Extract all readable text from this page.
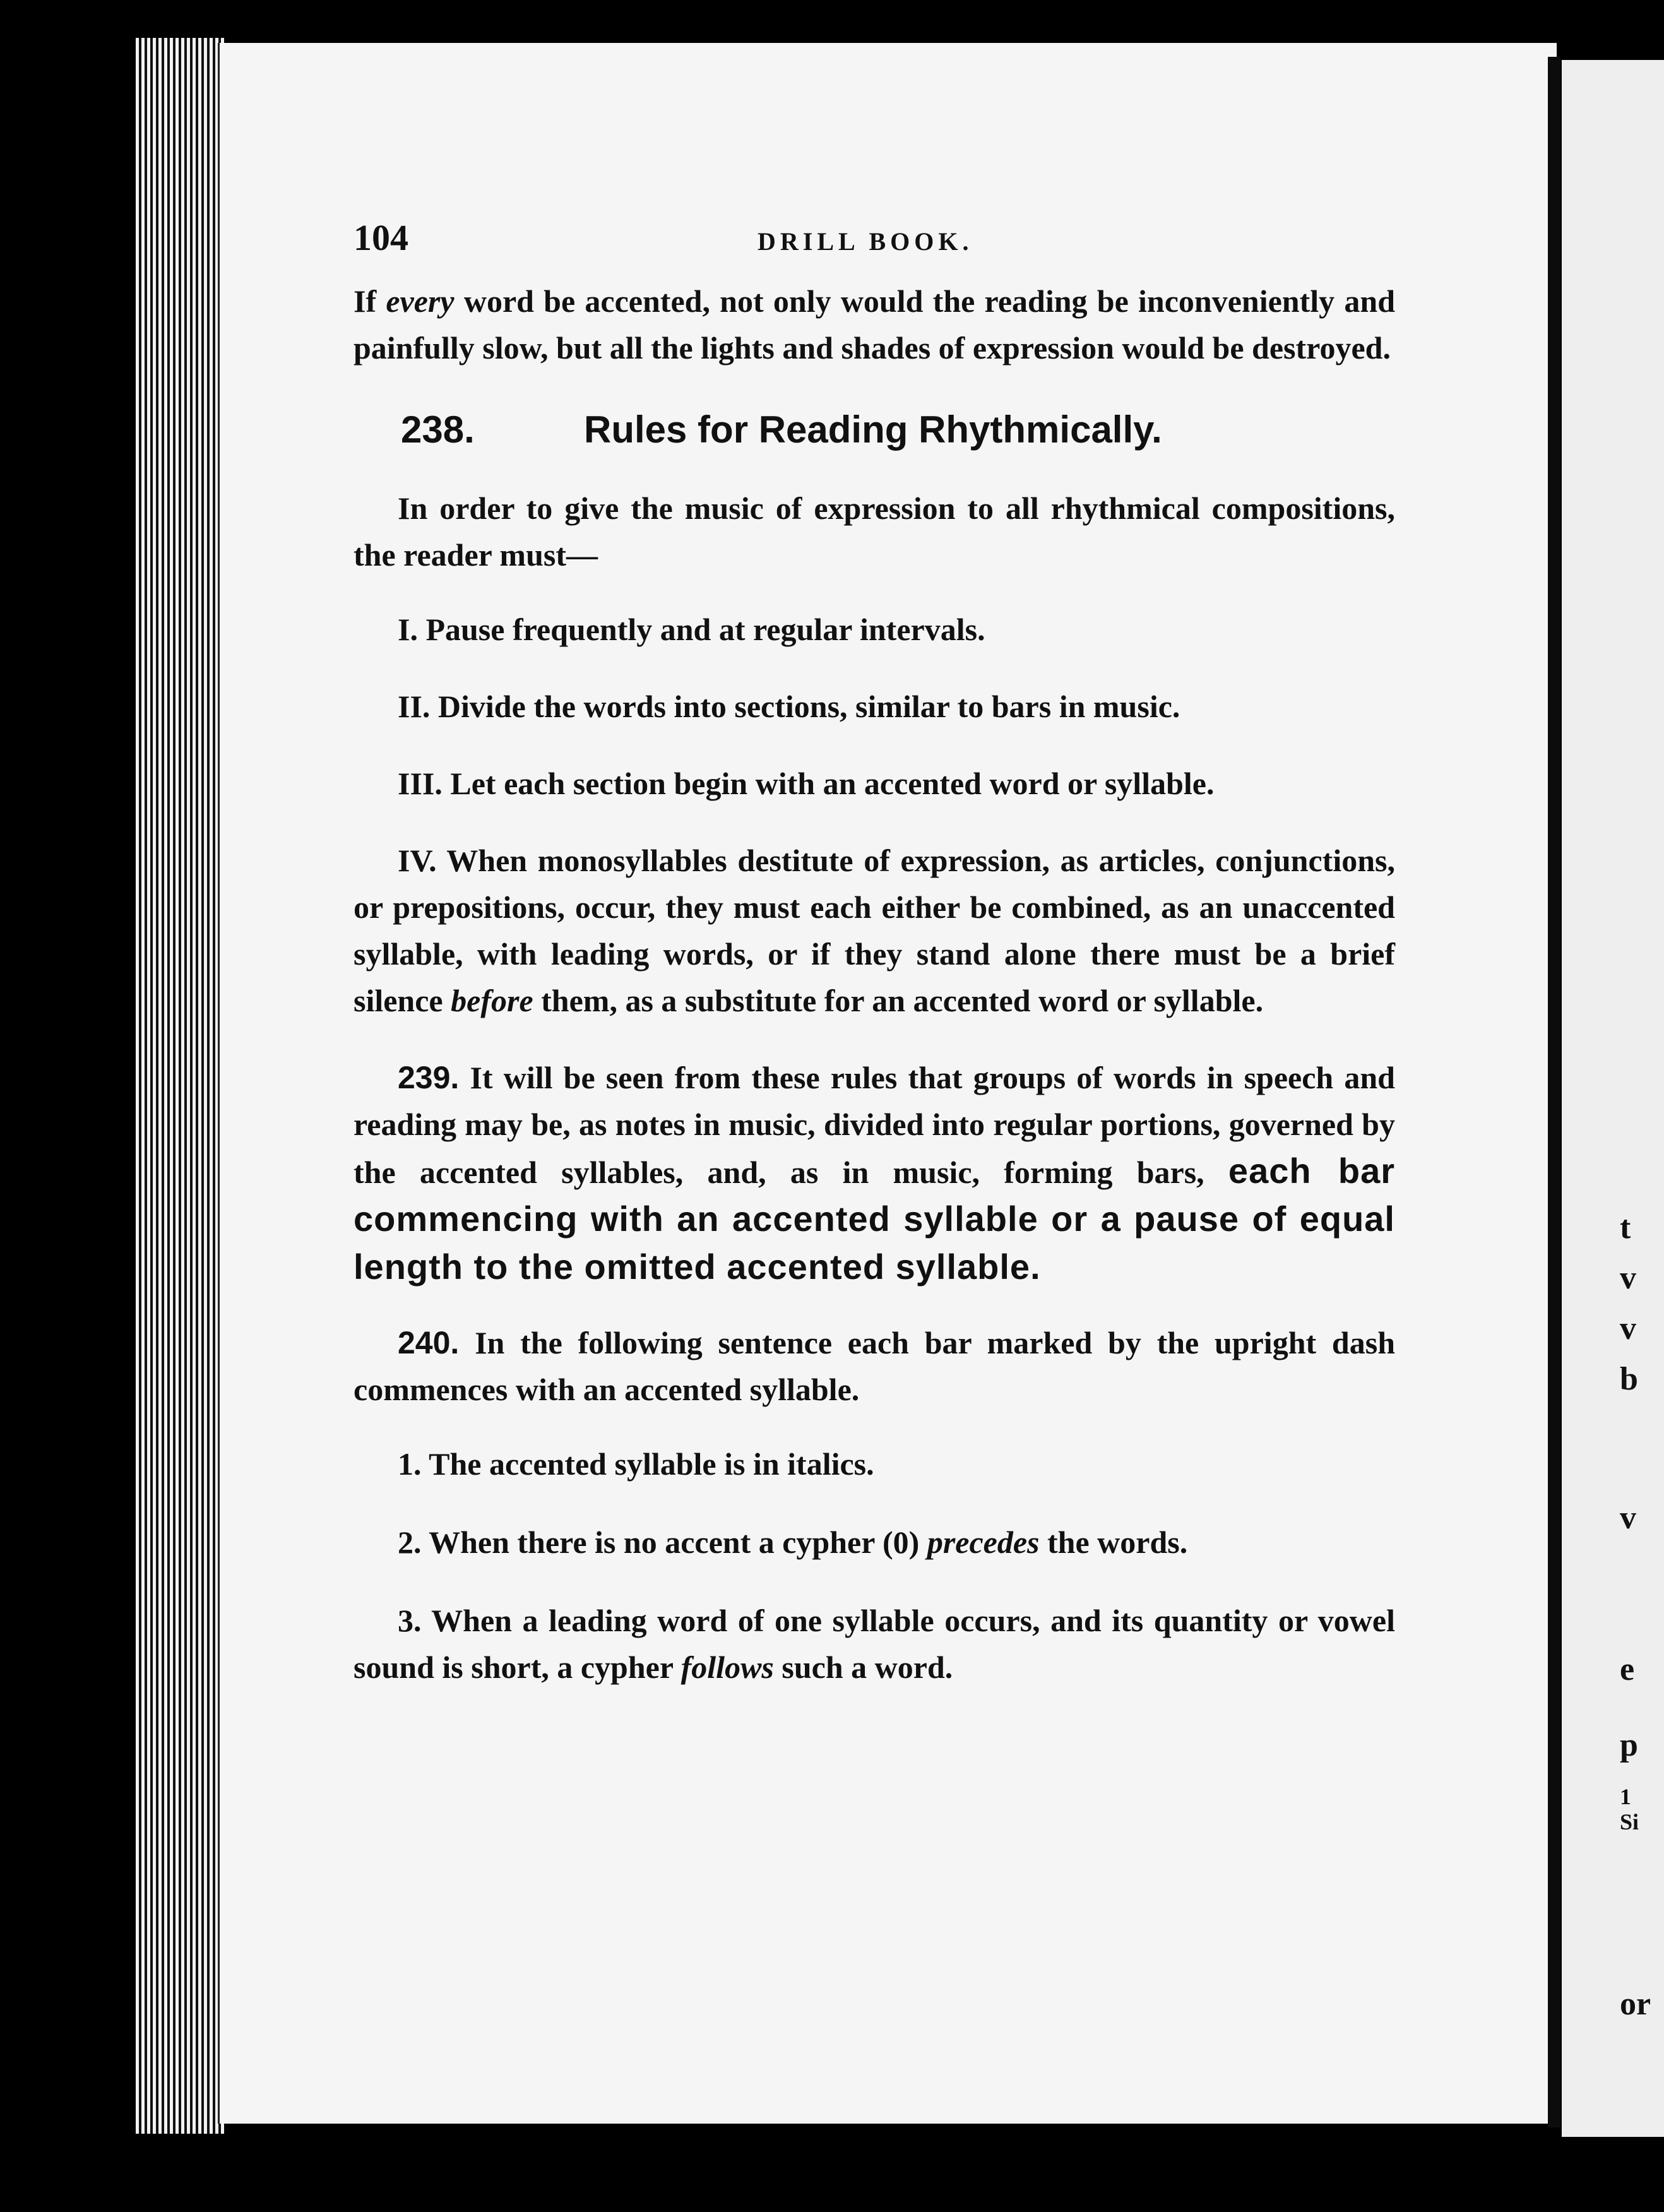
t
v
v
b
v
e
p
1
Si
or
104	DRILL BOOK.

If every word be accented, not only would the reading be inconveniently and painfully slow, but all the lights and shades of expression would be destroyed.

238.	Rules for Reading Rhythmically.

In order to give the music of expression to all rhythmical compositions, the reader must—

I. Pause frequently and at regular intervals.

II. Divide the words into sections, similar to bars in music.

III. Let each section begin with an accented word or syllable.

IV. When monosyllables destitute of expression, as articles, conjunctions, or prepositions, occur, they must each either be combined, as an unaccented syllable, with leading words, or if they stand alone there must be a brief silence before them, as a substitute for an accented word or syllable.

239. It will be seen from these rules that groups of words in speech and reading may be, as notes in music, divided into regular portions, governed by the accented syllables, and, as in music, forming bars, each bar commencing with an accented syllable or a pause of equal length to the omitted accented syllable.

240. In the following sentence each bar marked by the upright dash commences with an accented syllable.

1. The accented syllable is in italics.

2. When there is no accent a cypher (0) precedes the words.

3. When a leading word of one syllable occurs, and its quantity or vowel sound is short, a cypher follows such a word.
